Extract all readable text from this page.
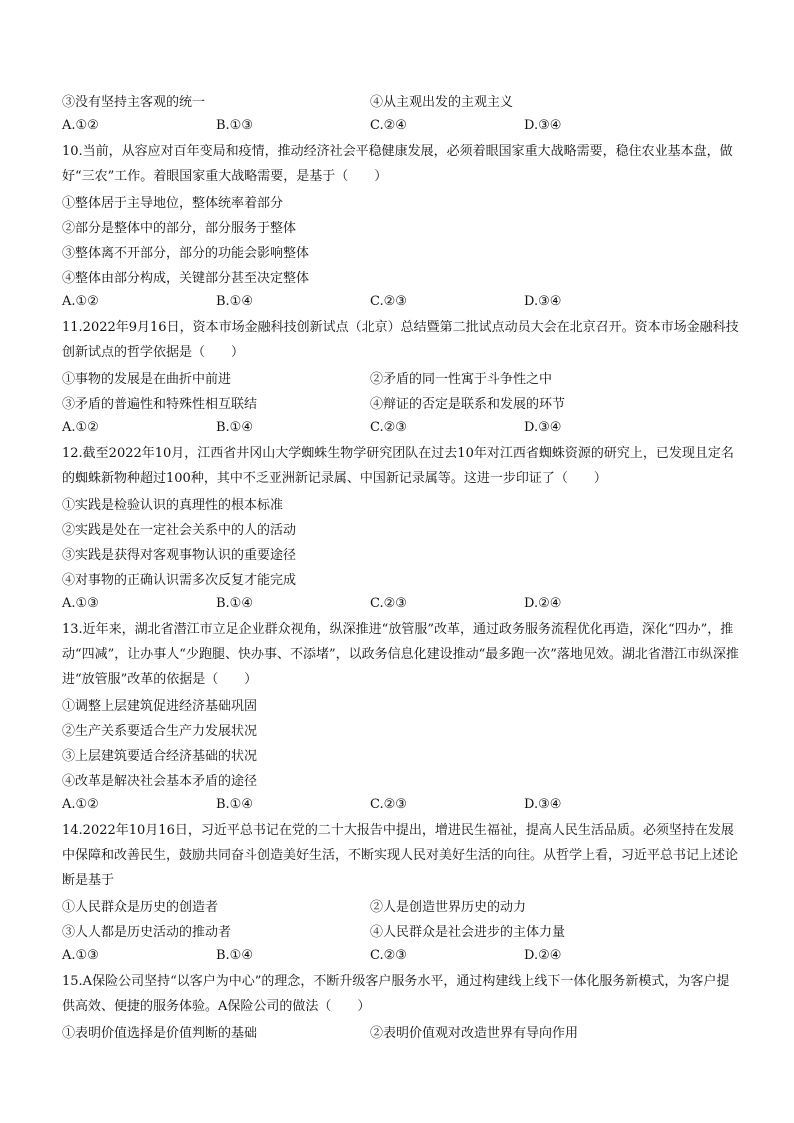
③没有坚持主客观的统一	④从主观出发的主观主义
A.①②	B.①③	C.②④	D.③④
10.当前，从容应对百年变局和疫情，推动经济社会平稳健康发展，必须着眼国家重大战略需要，稳住农业基本盘，做好“三农”工作。着眼国家重大战略需要，是基于（　　）
①整体居于主导地位，整体统率着部分
②部分是整体中的部分，部分服务于整体
③整体离不开部分，部分的功能会影响整体
④整体由部分构成，关键部分甚至决定整体
A.①②	B.①④	C.②③	D.③④
11.2022年9月16日，资本市场金融科技创新试点（北京）总结暨第二批试点动员大会在北京召开。资本市场金融科技创新试点的哲学依据是（　　）
①事物的发展是在曲折中前进	②矛盾的同一性寓于斗争性之中
③矛盾的普遍性和特殊性相互联结	④辩证的否定是联系和发展的环节
A.①②	B.①④	C.②③	D.③④
12.截至2022年10月，江西省井冈山大学蜘蛛生物学研究团队在过去10年对江西省蜘蛛资源的研究上，已发现且定名的蜘蛛新物种超过100种，其中不乏亚洲新记录属、中国新记录属等。这进一步印证了（　　）
①实践是检验认识的真理性的根本标准
②实践是处在一定社会关系中的人的活动
③实践是获得对客观事物认识的重要途径
④对事物的正确认识需多次反复才能完成
A.①③	B.①④	C.②③	D.②④
13.近年来，湖北省潜江市立足企业群众视角，纵深推进“放管服”改革，通过政务服务流程优化再造，深化“四办”，推动“四减”，让办事人“少跑腿、快办事、不添堵”，以政务信息化建设推动“最多跑一次”落地见效。湖北省潜江市纵深推进“放管服”改革的依据是（　　）
①调整上层建筑促进经济基础巩固
②生产关系要适合生产力发展状况
③上层建筑要适合经济基础的状况
④改革是解决社会基本矛盾的途径
A.①②	B.①④	C.②③	D.③④
14.2022年10月16日，习近平总书记在党的二十大报告中提出，增进民生福祉，提高人民生活品质。必须坚持在发展中保障和改善民生，鼓励共同奋斗创造美好生活，不断实现人民对美好生活的向往。从哲学上看，习近平总书记上述论断是基于
①人民群众是历史的创造者	②人是创造世界历史的动力
③人人都是历史活动的推动者	④人民群众是社会进步的主体力量
A.①③	B.①④	C.②③	D.②④
15.A保险公司坚持“以客户为中心”的理念，不断升级客户服务水平，通过构建线上线下一体化服务新模式，为客户提供高效、便捷的服务体验。A保险公司的做法（　　）
①表明价值选择是价值判断的基础	②表明价值观对改造世界有导向作用
